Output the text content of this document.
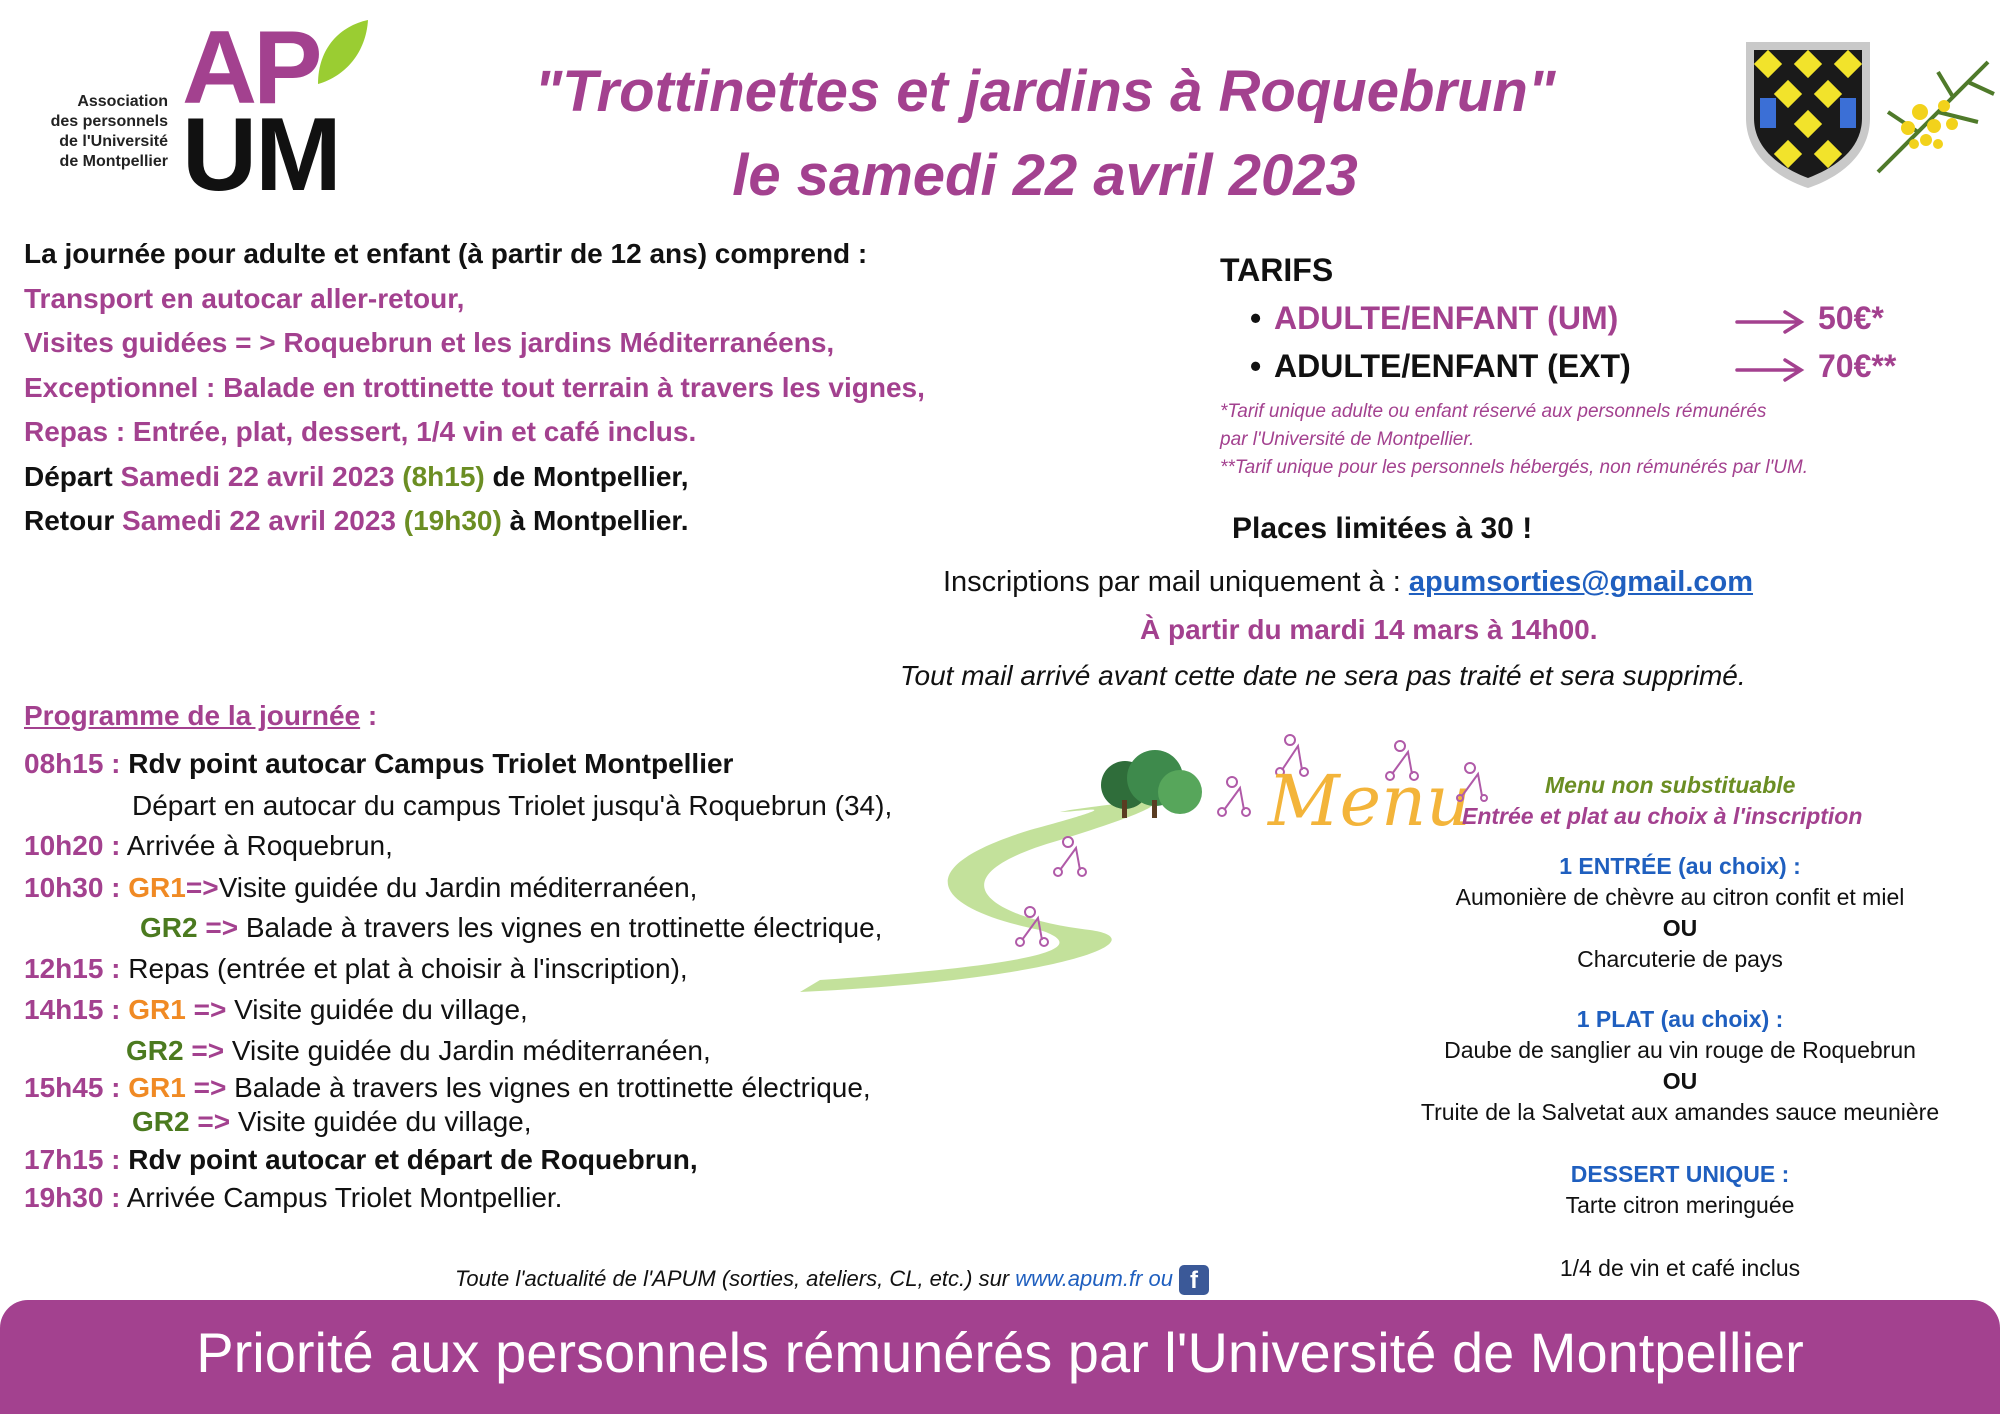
Association
des personnels
de l'Université
de Montpellier
AP
UM
"Trottinettes et jardins à Roquebrun"
le samedi 22 avril 2023
La journée pour adulte et enfant (à partir de 12 ans) comprend :
Transport en autocar aller-retour,
Visites guidées = > Roquebrun et les jardins Méditerranéens,
Exceptionnel : Balade en trottinette tout terrain à travers les vignes,
Repas : Entrée, plat, dessert, 1/4 vin et café inclus.
Départ Samedi 22 avril 2023 (8h15) de Montpellier,
Retour Samedi 22 avril 2023 (19h30) à Montpellier.
TARIFS
• ADULTE/ENFANT (UM)	50€*
• ADULTE/ENFANT (EXT)	70€**
*Tarif unique adulte ou enfant réservé aux personnels rémunérés
par l'Université de Montpellier.
**Tarif unique pour les personnels hébergés, non rémunérés par l'UM.
Places limitées à 30 !
Inscriptions par mail uniquement à : apumsorties@gmail.com
À partir du mardi 14 mars à 14h00.
Tout mail arrivé avant cette date ne sera pas traité et sera supprimé.
Programme de la journée :
08h15 : Rdv point autocar Campus Triolet Montpellier
Départ en autocar du campus Triolet jusqu'à Roquebrun (34),
10h20 : Arrivée à Roquebrun,
10h30 : GR1=>Visite guidée du Jardin méditerranéen,
GR2 => Balade à travers les vignes en trottinette électrique,
12h15 : Repas (entrée et plat à choisir à l'inscription),
14h15 : GR1 => Visite guidée du village,
GR2 => Visite guidée du Jardin méditerranéen,
15h45 : GR1 => Balade à travers les vignes en trottinette électrique,
GR2 => Visite guidée du village,
17h15 : Rdv point autocar et départ de Roquebrun,
19h30 : Arrivée Campus Triolet Montpellier.
Menu	Menu non substituable
Entrée et plat au choix à l'inscription
1 ENTRÉE (au choix) :
Aumonière de chèvre au citron confit et miel
OU
Charcuterie de pays
1 PLAT (au choix) :
Daube de sanglier au vin rouge de Roquebrun
OU
Truite de la Salvetat aux amandes sauce meunière
DESSERT UNIQUE :
Tarte citron meringuée
1/4 de vin et café inclus
Toute l'actualité de l'APUM (sorties, ateliers, CL, etc.) sur www.apum.fr ou f
Priorité aux personnels rémunérés par l'Université de Montpellier
